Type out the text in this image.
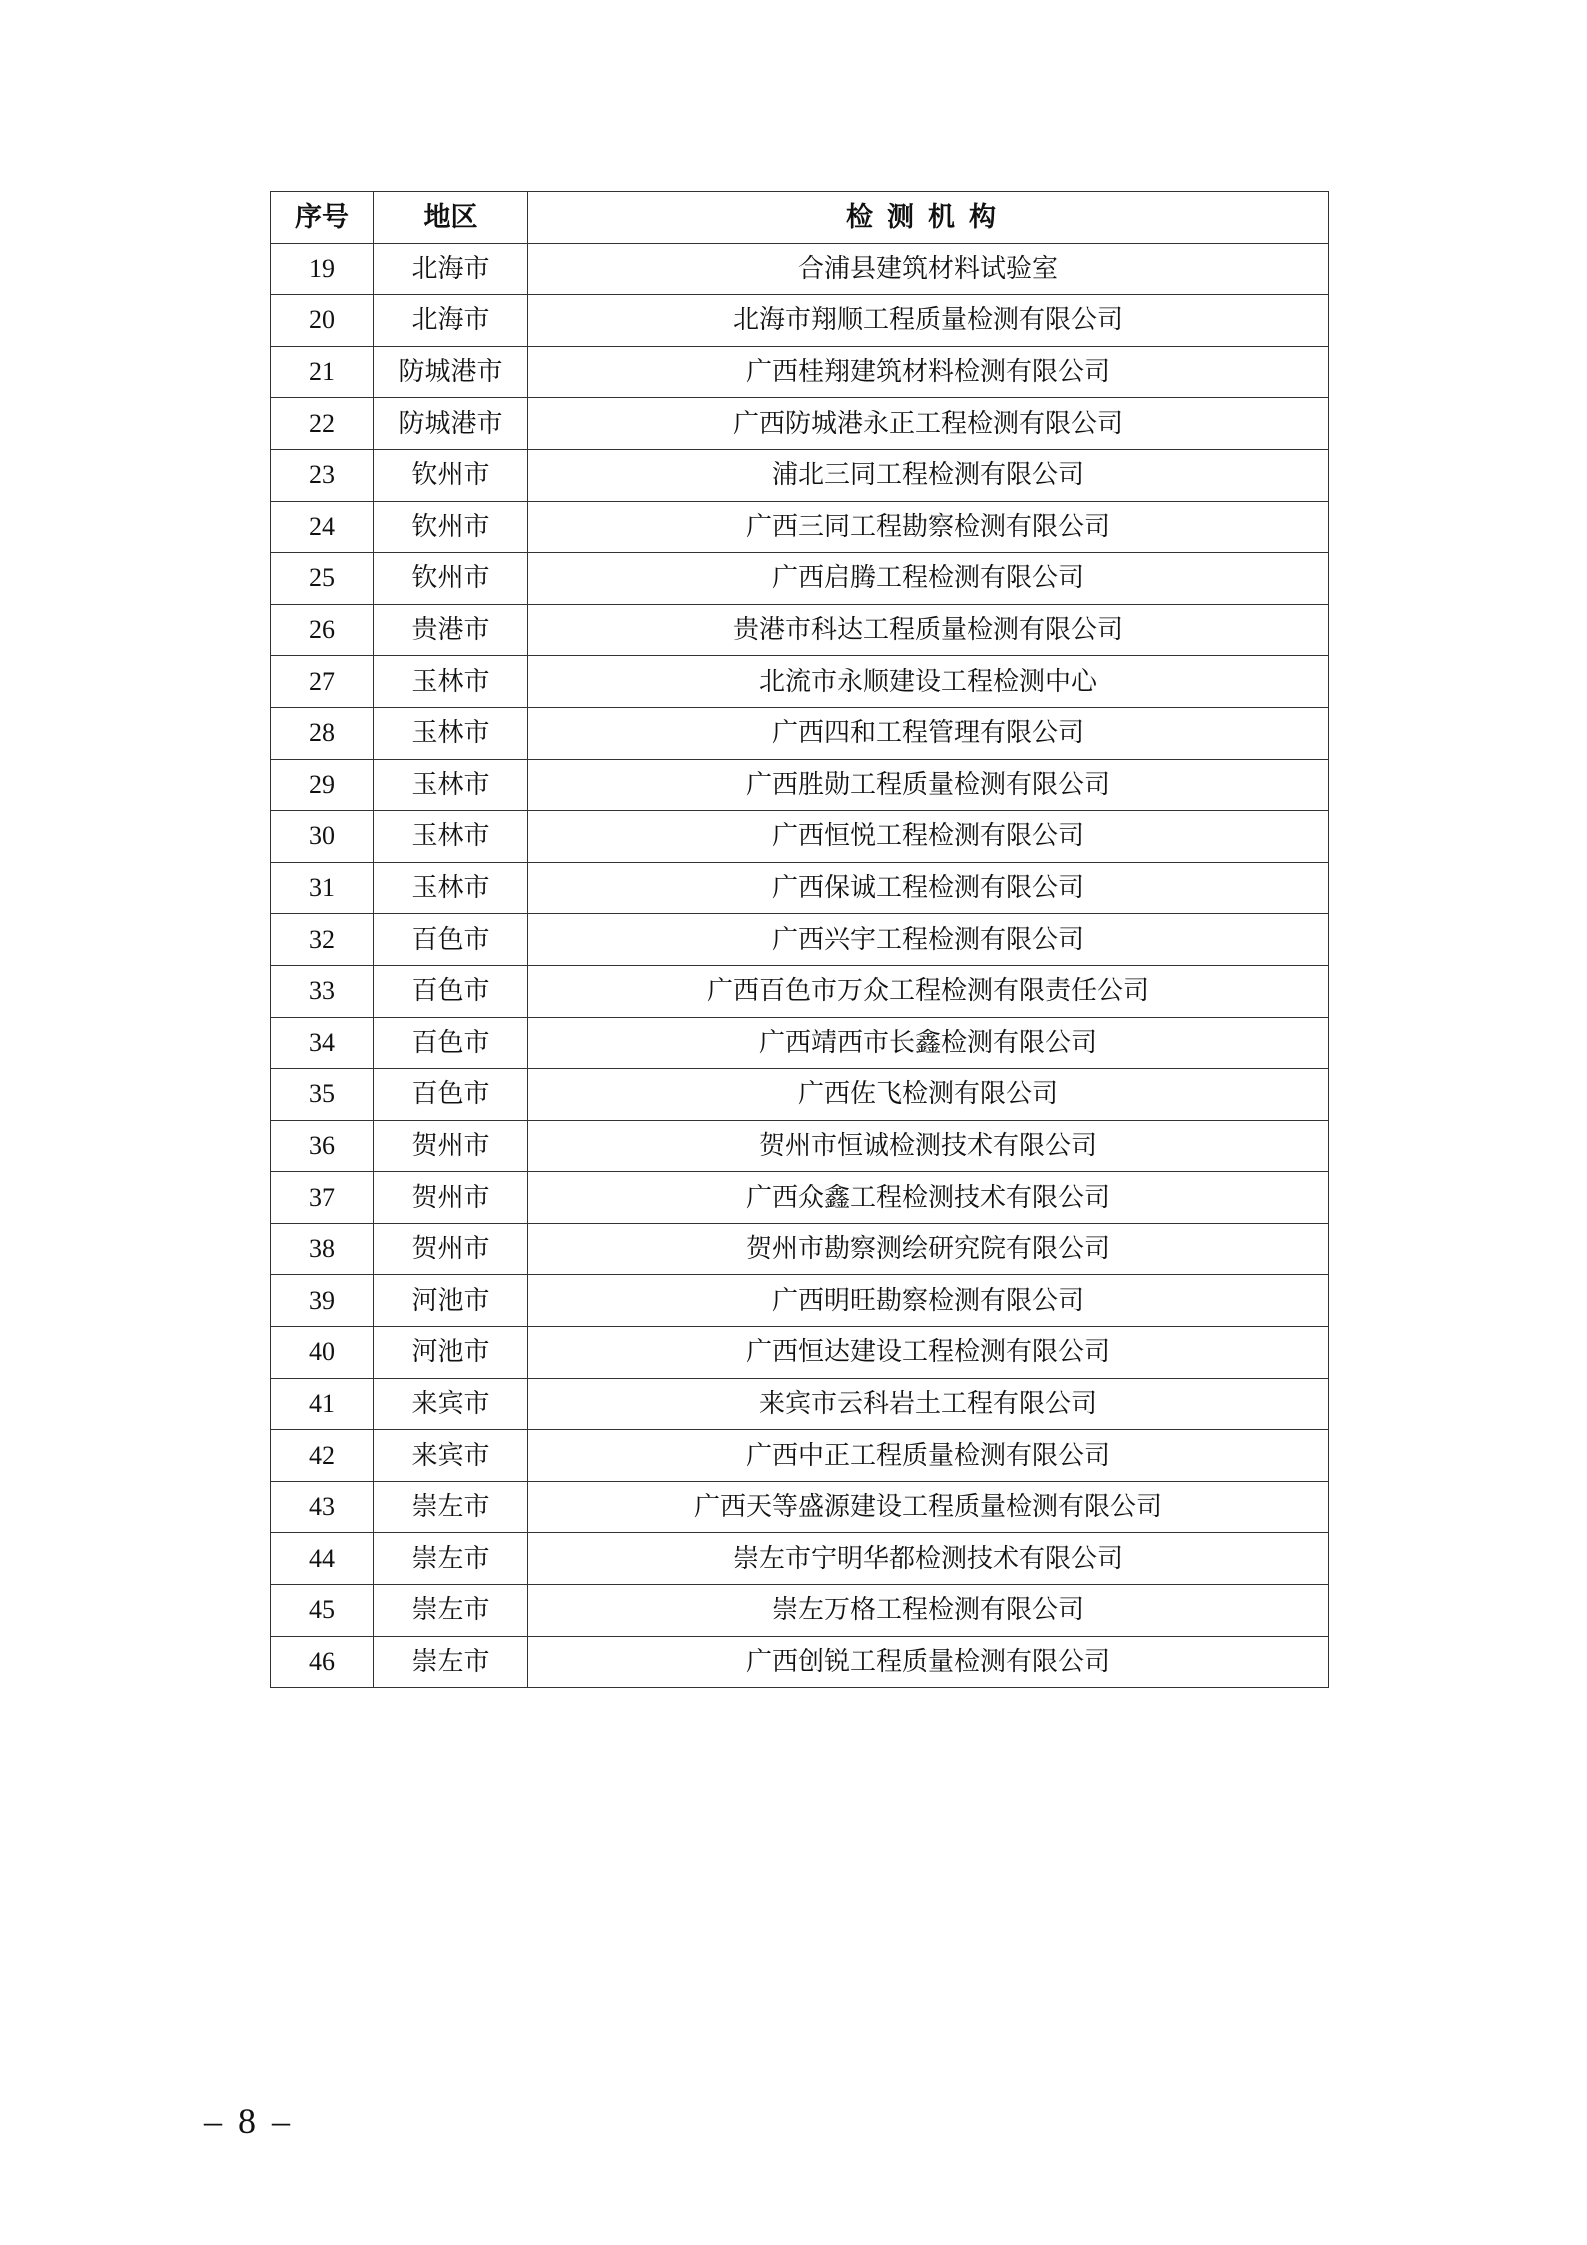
序号	地区	检测机构
19	北海市	合浦县建筑材料试验室
20	北海市	北海市翔顺工程质量检测有限公司
21	防城港市	广西桂翔建筑材料检测有限公司
22	防城港市	广西防城港永正工程检测有限公司
23	钦州市	浦北三同工程检测有限公司
24	钦州市	广西三同工程勘察检测有限公司
25	钦州市	广西启腾工程检测有限公司
26	贵港市	贵港市科达工程质量检测有限公司
27	玉林市	北流市永顺建设工程检测中心
28	玉林市	广西四和工程管理有限公司
29	玉林市	广西胜勋工程质量检测有限公司
30	玉林市	广西恒悦工程检测有限公司
31	玉林市	广西保诚工程检测有限公司
32	百色市	广西兴宇工程检测有限公司
33	百色市	广西百色市万众工程检测有限责任公司
34	百色市	广西靖西市长鑫检测有限公司
35	百色市	广西佐飞检测有限公司
36	贺州市	贺州市恒诚检测技术有限公司
37	贺州市	广西众鑫工程检测技术有限公司
38	贺州市	贺州市勘察测绘研究院有限公司
39	河池市	广西明旺勘察检测有限公司
40	河池市	广西恒达建设工程检测有限公司
41	来宾市	来宾市云科岩土工程有限公司
42	来宾市	广西中正工程质量检测有限公司
43	崇左市	广西天等盛源建设工程质量检测有限公司
44	崇左市	崇左市宁明华都检测技术有限公司
45	崇左市	崇左万格工程检测有限公司
46	崇左市	广西创锐工程质量检测有限公司
– 8 –
